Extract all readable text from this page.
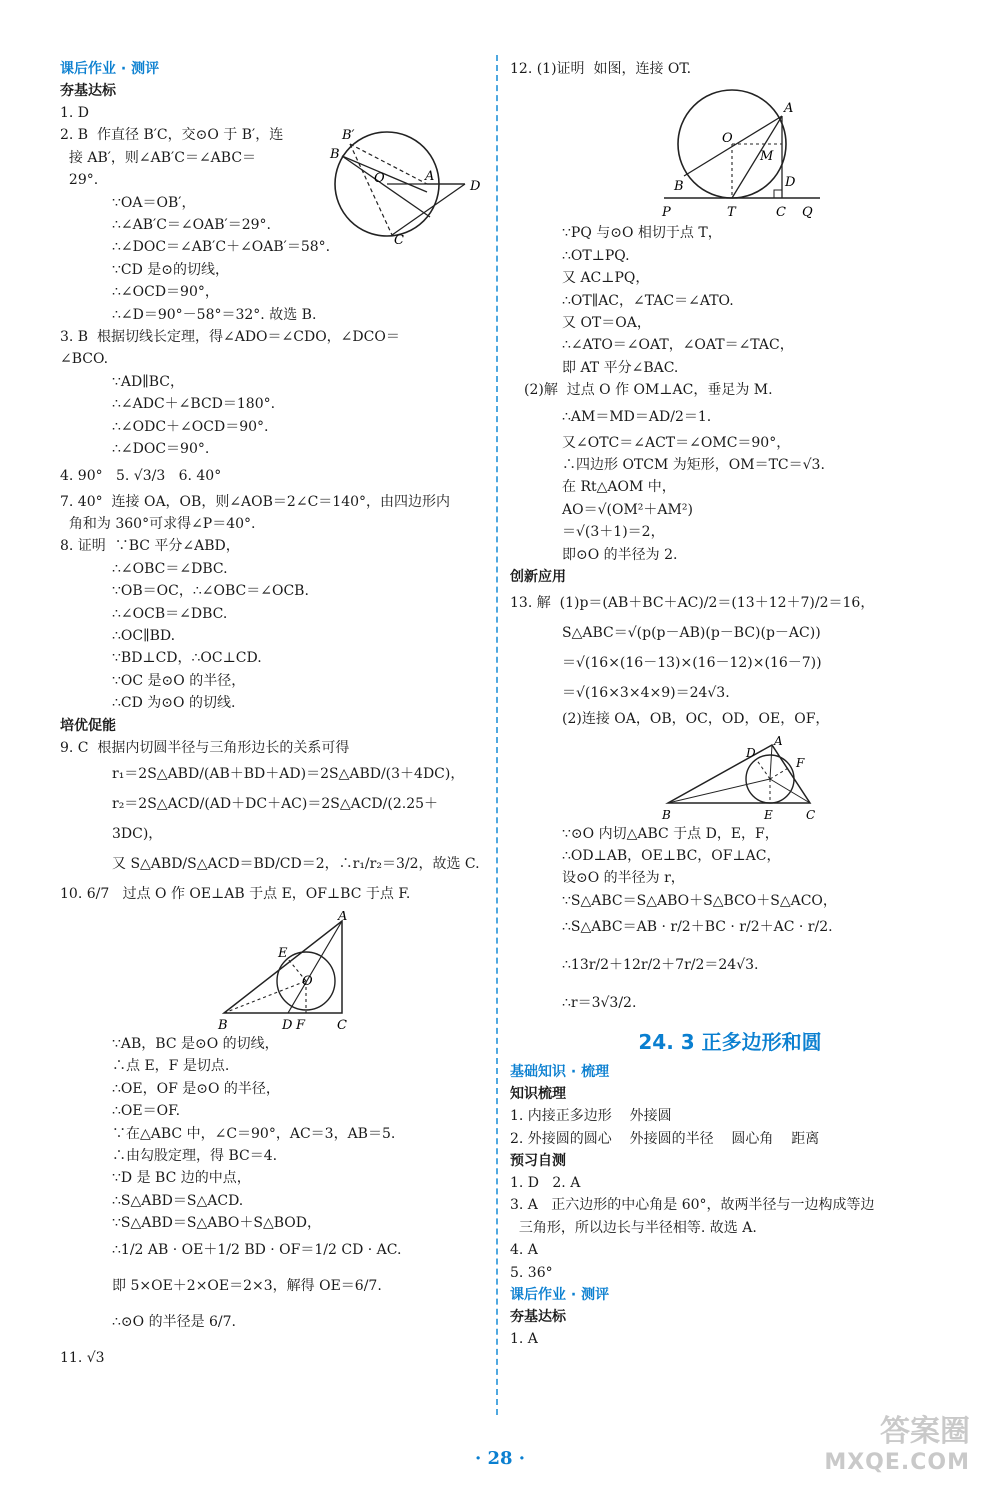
课后作业 · 测评
夯基达标
1. D
2. B  作直径 B′C，交⊙O 于 B′，连
接 AB′，则∠AB′C＝∠ABC＝
29°.
B
B′
O	A
D
C
∵OA＝OB′，
∴∠AB′C＝∠OAB′＝29°.
∴∠DOC＝∠AB′C＋∠OAB′＝58°.
∵CD 是⊙的切线，
∴∠OCD＝90°，
∴∠D＝90°－58°＝32°. 故选 B.
3. B  根据切线长定理，得∠ADO＝∠CDO，∠DCO＝
∠BCO.
∵AD∥BC，
∴∠ADC＋∠BCD＝180°.
∴∠ODC＋∠OCD＝90°.
∴∠DOC＝90°.
4. 90°   5. √3/3   6. 40°
7. 40°  连接 OA，OB，则∠AOB＝2∠C＝140°，由四边形内
角和为 360°可求得∠P＝40°.
8. 证明  ∵BC 平分∠ABD，
∴∠OBC＝∠DBC.
∵OB＝OC，∴∠OBC＝∠OCB.
∴∠OCB＝∠DBC.
∴OC∥BD.
∵BD⊥CD，∴OC⊥CD.
∵OC 是⊙O 的半径，
∴CD 为⊙O 的切线.
培优促能
9. C  根据内切圆半径与三角形边长的关系可得
r₁＝2S△ABD/(AB＋BD＋AD)＝2S△ABD/(3＋4DC)，
r₂＝2S△ACD/(AD＋DC＋AC)＝2S△ACD/(2.25＋3DC)，
又 S△ABD/S△ACD＝BD/CD＝2，∴r₁/r₂＝3/2，故选 C.
10. 6/7   过点 O 作 OE⊥AB 于点 E，OF⊥BC 于点 F.
A
E
O
B	D F C
∵AB，BC 是⊙O 的切线，
∴点 E，F 是切点.
∴OE，OF 是⊙O 的半径，
∴OE＝OF.
∵在△ABC 中，∠C＝90°，AC＝3，AB＝5.
∴由勾股定理，得 BC＝4.
∵D 是 BC 边的中点，
∴S△ABD＝S△ACD.
∵S△ABD＝S△ABO＋S△BOD，
∴1/2 AB · OE＋1/2 BD · OF＝1/2 CD · AC.
即 5×OE＋2×OE＝2×3，解得 OE＝6/7.
∴⊙O 的半径是 6/7.
11. √3
12. (1)证明  如图，连接 OT.
A
O
M
B	D
P	T	C Q
∵PQ 与⊙O 相切于点 T，
∴OT⊥PQ.
又 AC⊥PQ，
∴OT∥AC，∠TAC＝∠ATO.
又 OT＝OA，
∴∠ATO＝∠OAT，∠OAT＝∠TAC，
即 AT 平分∠BAC.
(2)解  过点 O 作 OM⊥AC，垂足为 M.
∴AM＝MD＝AD/2＝1.
又∠OTC＝∠ACT＝∠OMC＝90°，
∴四边形 OTCM 为矩形，OM＝TC＝√3.
在 Rt△AOM 中，
AO＝√(OM²＋AM²)
＝√(3＋1)＝2，
即⊙O 的半径为 2.
创新应用
13. 解  (1)p＝(AB＋BC＋AC)/2＝(13＋12＋7)/2＝16，
S△ABC＝√(p(p－AB)(p－BC)(p－AC))
＝√(16×(16－13)×(16－12)×(16－7))
＝√(16×3×4×9)＝24√3.
(2)连接 OA，OB，OC，OD，OE，OF，
A
D
F
B	E	C
∵⊙O 内切△ABC 于点 D，E，F，
∴OD⊥AB，OE⊥BC，OF⊥AC，
设⊙O 的半径为 r，
∵S△ABC＝S△ABO＋S△BCO＋S△ACO，
∴S△ABC＝AB · r/2＋BC · r/2＋AC · r/2.
∴13r/2＋12r/2＋7r/2＝24√3.
∴r＝3√3/2.
24. 3 正多边形和圆
基础知识 · 梳理
知识梳理
1. 内接正多边形    外接圆
2. 外接圆的圆心    外接圆的半径    圆心角    距离
预习自测
1. D   2. A
3. A   正六边形的中心角是 60°，故两半径与一边构成等边
三角形，所以边长与半径相等. 故选 A.
4. A
5. 36°
课后作业 · 测评
夯基达标
1. A
· 28 ·
答案圈
MXQE.COM
